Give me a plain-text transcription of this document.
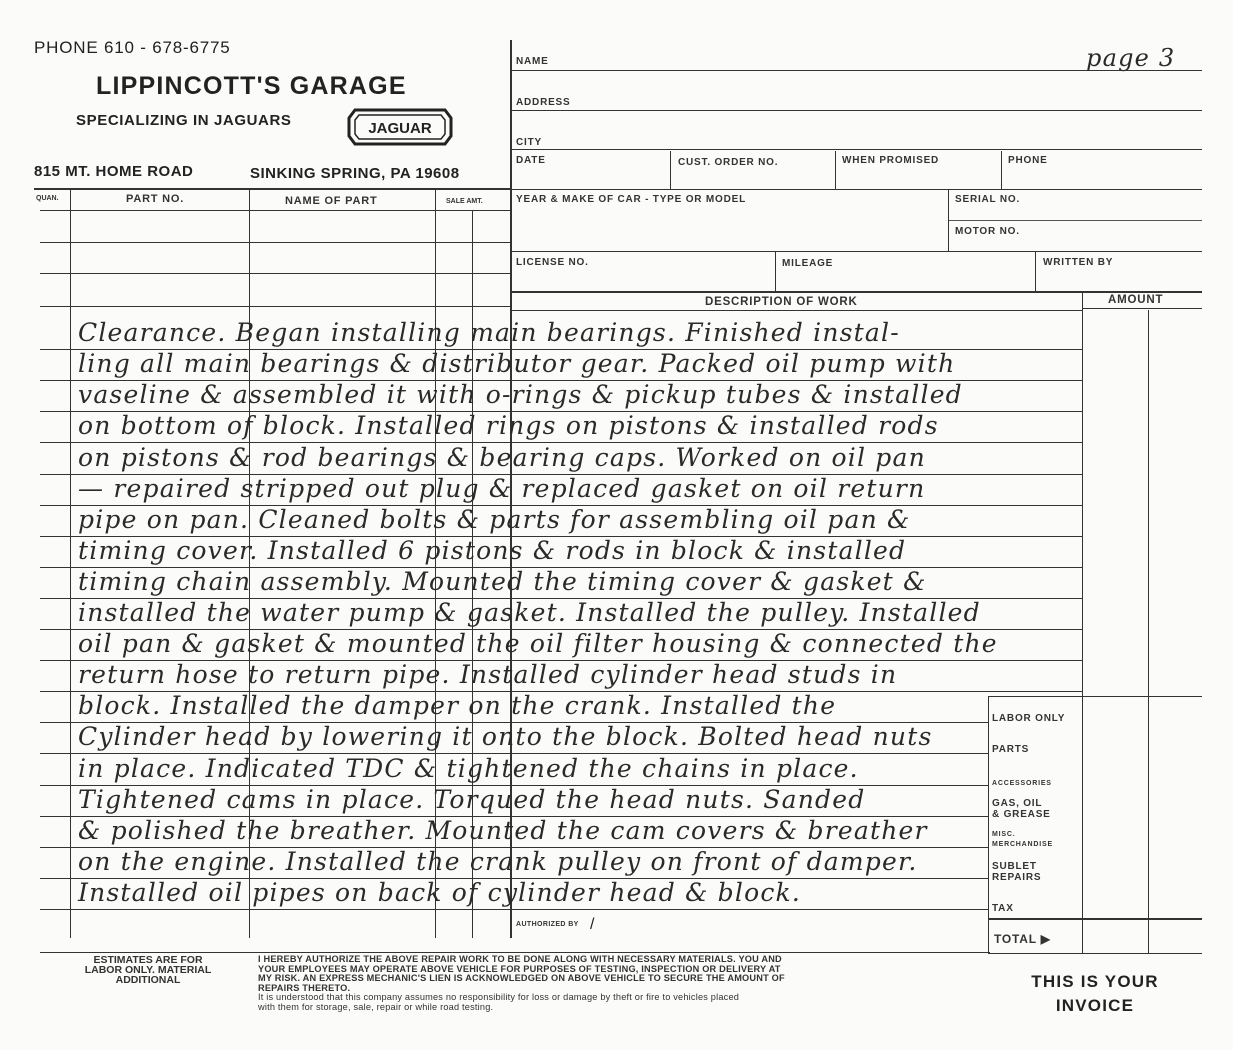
PHONE 610 - 678-6775
LIPPINCOTT'S GARAGE
SPECIALIZING IN JAGUARS	JAGUAR
815 MT. HOME ROAD	SINKING SPRING, PA 19608
QUAN.	PART NO.	NAME OF PART	SALE AMT.
NAME	page 3
ADDRESS
CITY
DATE	CUST. ORDER NO.	WHEN PROMISED	PHONE
YEAR & MAKE OF CAR - TYPE OR MODEL	SERIAL NO.
MOTOR NO.
LICENSE NO.	MILEAGE	WRITTEN BY
DESCRIPTION OF WORK	AMOUNT
Clearance. Began installing main bearings. Finished instal-
ling all main bearings & distributor gear. Packed oil pump with
vaseline & assembled it with o-rings & pickup tubes & installed
on bottom of block. Installed rings on pistons & installed rods
on pistons & rod bearings & bearing caps. Worked on oil pan
— repaired stripped out plug & replaced gasket on oil return
pipe on pan. Cleaned bolts & parts for assembling oil pan &
timing cover. Installed 6 pistons & rods in block & installed
timing chain assembly. Mounted the timing cover & gasket &
installed the water pump & gasket. Installed the pulley. Installed
oil pan & gasket & mounted the oil filter housing & connected the
return hose to return pipe. Installed cylinder head studs in
block. Installed the damper on the crank. Installed the
Cylinder head by lowering it onto the block. Bolted head nuts
in place. Indicated TDC & tightened the chains in place.
Tightened cams in place. Torqued the head nuts. Sanded
& polished the breather. Mounted the cam covers & breather
on the engine. Installed the crank pulley on front of damper.
Installed oil pipes on back of cylinder head & block.
LABOR ONLY
PARTS
ACCESSORIES
GAS, OIL
& GREASE
MISC.
MERCHANDISE
SUBLET
REPAIRS
TAX
TOTAL ▶
AUTHORIZED BY /
ESTIMATES ARE FOR
LABOR ONLY. MATERIAL
ADDITIONAL
I HEREBY AUTHORIZE THE ABOVE REPAIR WORK TO BE DONE ALONG WITH NECESSARY MATERIALS. YOU AND
YOUR EMPLOYEES MAY OPERATE ABOVE VEHICLE FOR PURPOSES OF TESTING, INSPECTION OR DELIVERY AT
MY RISK. AN EXPRESS MECHANIC'S LIEN IS ACKNOWLEDGED ON ABOVE VEHICLE TO SECURE THE AMOUNT OF
REPAIRS THERETO.
It is understood that this company assumes no responsibility for loss or damage by theft or fire to vehicles placed
with them for storage, sale, repair or while road testing.
THIS IS YOUR
INVOICE
